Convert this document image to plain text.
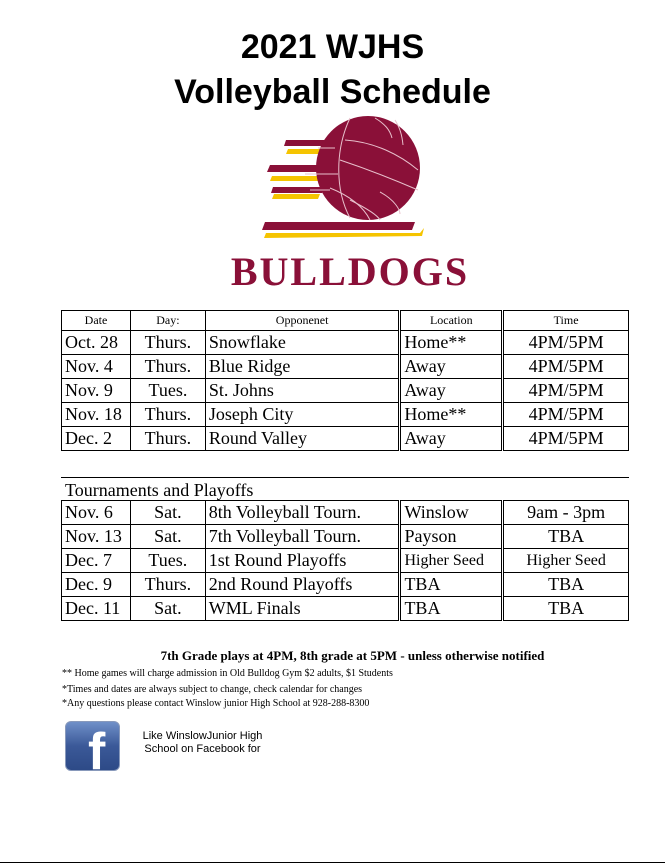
2021 WJHS
Volleyball Schedule
BULLDOGS
Date	Day:	Opponenet	Location	Time
Oct. 28	Thurs.	Snowflake	Home**	4PM/5PM
Nov. 4	Thurs.	Blue Ridge	Away	4PM/5PM
Nov. 9	Tues.	St. Johns	Away	4PM/5PM
Nov. 18	Thurs.	Joseph City	Home**	4PM/5PM
Dec. 2	Thurs.	Round Valley	Away	4PM/5PM
Tournaments and Playoffs
Nov. 6	Sat.	8th Volleyball Tourn.	Winslow	9am - 3pm
Nov. 13	Sat.	7th Volleyball Tourn.	Payson	TBA
Dec. 7	Tues.	1st Round Playoffs	Higher Seed	Higher Seed
Dec. 9	Thurs.	2nd Round Playoffs	TBA	TBA
Dec. 11	Sat.	WML Finals	TBA	TBA
7th Grade plays at 4PM, 8th grade at 5PM - unless otherwise notified
** Home games will charge admission in Old Bulldog Gym $2 adults, $1 Students
*Times and dates are always subject to change, check calendar for changes
*Any questions please contact Winslow junior High School at 928-288-8300
f	Like WinslowJunior High School on Facebook for
